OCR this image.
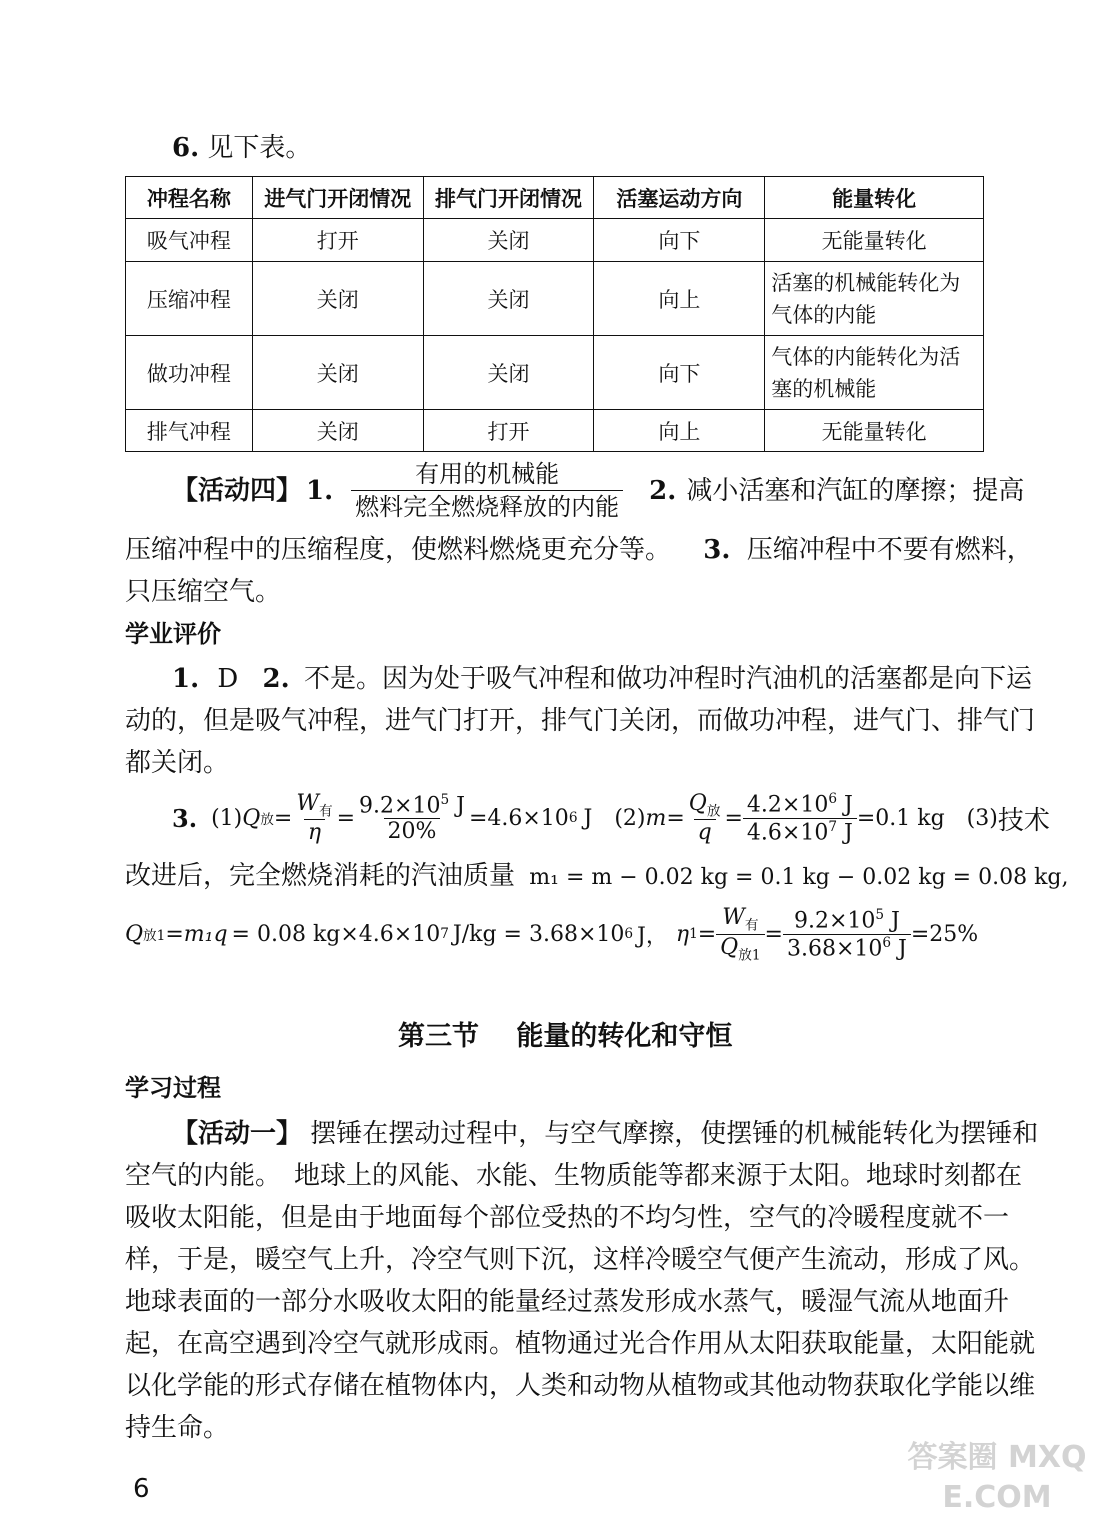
6. 见下表。
冲程名称	进气门开闭情况	排气门开闭情况	活塞运动方向	能量转化
吸气冲程	打开	关闭	向下	无能量转化
压缩冲程	关闭	关闭	向上	活塞的机械能转化为
气体的内能
做功冲程	关闭	关闭	向下	气体的内能转化为活
塞的机械能
排气冲程	关闭	打开	向上	无能量转化
【活动四】 1. $\frac{\text{有用的机械能}}{\text{燃料完全燃烧释放的内能}} 2$. 减小活塞和汽缸的摩擦；提高
压缩冲程中的压缩程度，使燃料燃烧更充分等。 3. 压缩冲程中不要有燃料，
只压缩空气。
学业评价
1. D 2. 不是。因为处于吸气冲程和做功冲程时汽油机的活塞都是向下运
动的，但是吸气冲程，进气门打开，排气门关闭，而做功冲程，进气门、排气门
都关闭。
3. (1) Q 放 = $\frac{W_有}{\eta} = \frac{9.2\times 10^5 J}{20\%} =4.6\times 10$ 6 J (2) $m = \frac{Q_放}{q} = \frac{4.2\times 10^6 J}{4.6\times 10^7 J} =0.1$ kg (3) 技术
改进后，完全燃烧消耗的汽油质量 m₁ = m − 0.02 kg = 0.1 kg − 0.02 kg = 0.08 kg,
Q 放1 = m₁q = 0.08 kg×4.6×10 7 J/kg = 3.68×10 6 J， η $1 = \frac{W_有}{Q_{放1}} = \frac{9.2\times 10^5 J}{3.68\times 10^6 J} =25\%$
第三节 能量的转化和守恒
学习过程
【活动一】 摆锤在摆动过程中，与空气摩擦，使摆锤的机械能转化为摆锤和
空气的内能。　地球上的风能、水能、生物质能等都来源于太阳。地球时刻都在
吸收太阳能，但是由于地面每个部位受热的不均匀性，空气的冷暖程度就不一
样，于是，暖空气上升，冷空气则下沉，这样冷暖空气便产生流动，形成了风。
地球表面的一部分水吸收太阳的能量经过蒸发形成水蒸气，暖湿气流从地面升
起，在高空遇到冷空气就形成雨。植物通过光合作用从太阳获取能量，太阳能就
以化学能的形式存储在植物体内，人类和动物从植物或其他动物获取化学能以维
持生命。
6
答案圈 MXQE.COM
